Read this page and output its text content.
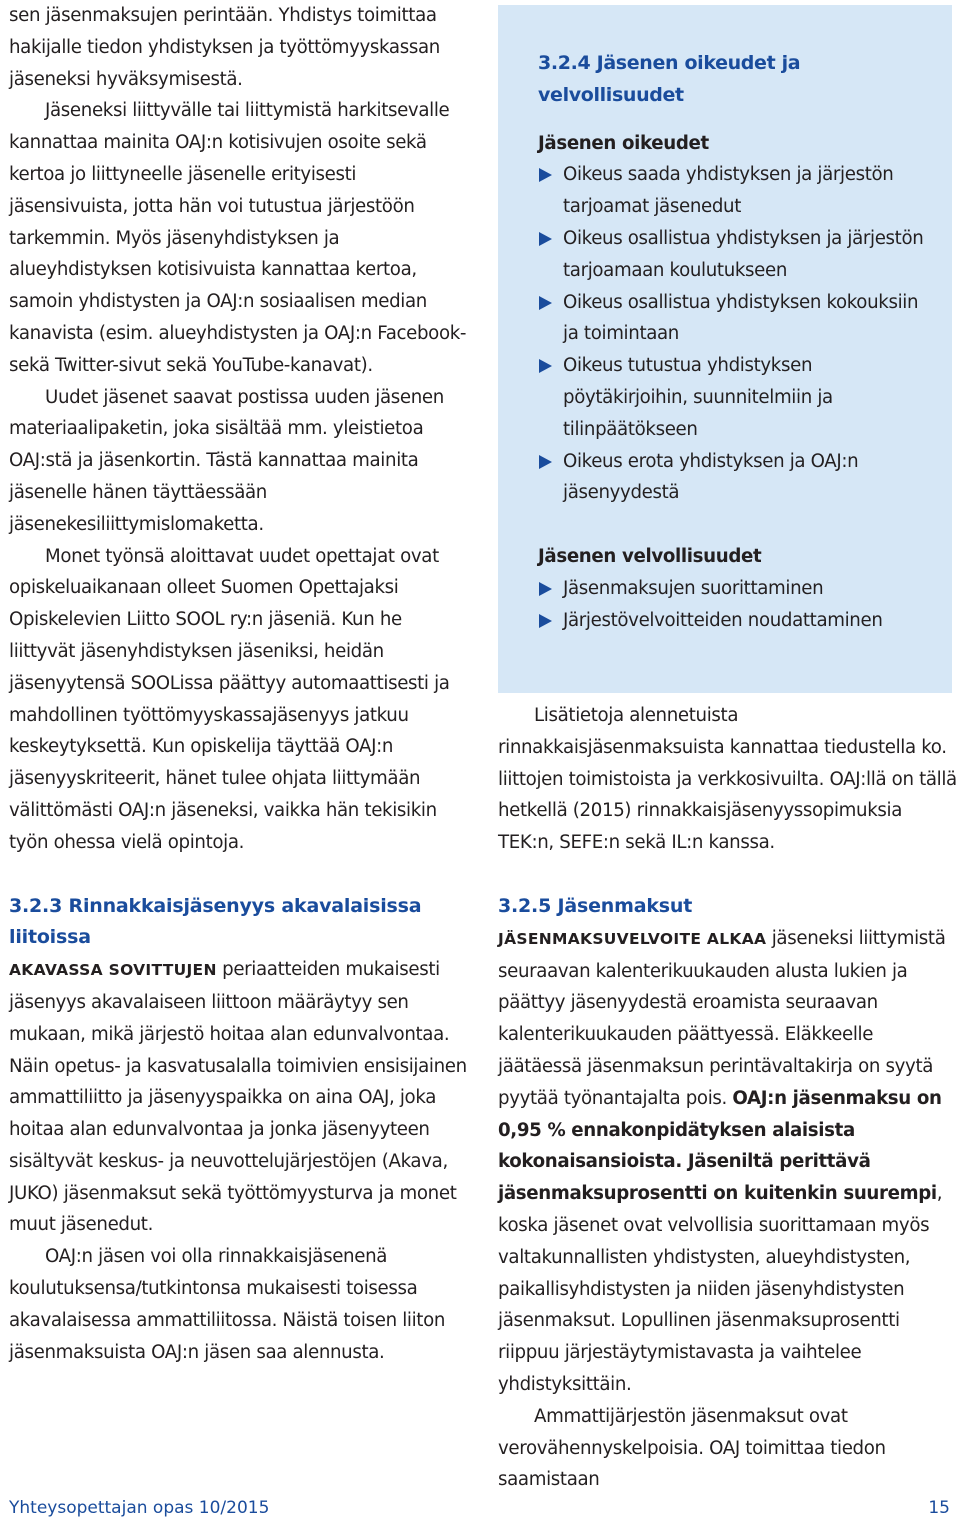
sen jäsenmaksujen perintään. Yhdistys toimittaa hakijalle tiedon yhdistyksen ja työttömyyskassan jäseneksi hyväksymisestä.

Jäseneksi liittyvälle tai liittymistä harkitsevalle kannattaa mainita OAJ:n kotisivujen osoite sekä kertoa jo liittyneelle jäsenelle erityisesti jäsensivuista, jotta hän voi tutustua järjestöön tarkemmin. Myös jäsenyhdistyksen ja alueyhdistyksen kotisivuista kannattaa kertoa, samoin yhdistysten ja OAJ:n sosiaalisen median kanavista (esim. alueyhdistysten ja OAJ:n Facebook- sekä Twitter-sivut sekä YouTube-kanavat).

Uudet jäsenet saavat postissa uuden jäsenen materiaalipaketin, joka sisältää mm. yleistietoa OAJ:stä ja jäsenkortin. Tästä kannattaa mainita jäsenelle hänen täyttäessään jäsenekesiliittymislomaketta.

Monet työnsä aloittavat uudet opettajat ovat opiskeluaikanaan olleet Suomen Opettajaksi Opiskelevien Liitto SOOL ry:n jäseniä. Kun he liittyvät jäsenyhdistyksen jäseniksi, heidän jäsenyytensä SOOLissa päättyy automaattisesti ja mahdollinen työttömyyskassajäsenyys jatkuu keskeytyksettä. Kun opiskelija täyttää OAJ:n jäsenyyskriteerit, hänet tulee ohjata liittymään välittömästi OAJ:n jäseneksi, vaikka hän tekisikin työn ohessa vielä opintoja.

3.2.3 Rinnakkaisjäsenyys akavalaisissa liitoissa

AKAVASSA SOVITTUJEN periaatteiden mukaisesti jäsenyys akavalaiseen liittoon määräytyy sen mukaan, mikä järjestö hoitaa alan edunvalvontaa. Näin opetus- ja kasvatusalalla toimivien ensisijainen ammattiliitto ja jäsenyyspaikka on aina OAJ, joka hoitaa alan edunvalvontaa ja jonka jäsenyyteen sisältyvät keskus- ja neuvottelujärjestöjen (Akava, JUKO) jäsenmaksut sekä työttömyysturva ja monet muut jäsenedut.

OAJ:n jäsen voi olla rinnakkaisjäsenenä koulutuksensa/tutkintonsa mukaisesti toisessa akavalaisessa ammattiliitossa. Näistä toisen liiton jäsenmaksuista OAJ:n jäsen saa alennusta.

3.2.4 Jäsenen oikeudet ja velvollisuudet

Jäsenen oikeudet

Oikeus saada yhdistyksen ja järjestön tarjoamat jäsenedut
Oikeus osallistua yhdistyksen ja järjestön tarjoamaan koulutukseen
Oikeus osallistua yhdistyksen kokouksiin ja toimintaan
Oikeus tutustua yhdistyksen pöytäkirjoihin, suunnitelmiin ja tilinpäätökseen
Oikeus erota yhdistyksen ja OAJ:n jäsenyydestä

Jäsenen velvollisuudet

Jäsenmaksujen suorittaminen
Järjestövelvoitteiden noudattaminen

Lisätietoja alennetuista rinnakkaisjäsenmaksuista kannattaa tiedustella ko. liittojen toimistoista ja verkkosivuilta. OAJ:llä on tällä hetkellä (2015) rinnakkaisjäsenyyssopimuksia TEK:n, SEFE:n sekä IL:n kanssa.

3.2.5 Jäsenmaksut

JÄSENMAKSUVELVOITE ALKAA jäseneksi liittymistä seuraavan kalenterikuukauden alusta lukien ja päättyy jäsenyydestä eroamista seuraavan kalenterikuukauden päättyessä. Eläkkeelle jäätäessä jäsenmaksun perintävaltakirja on syytä pyytää työnantajalta pois. OAJ:n jäsenmaksu on 0,95 % ennakonpidätyksen alaisista kokonaisansioista. Jäseniltä perittävä jäsenmaksuprosentti on kuitenkin suurempi, koska jäsenet ovat velvollisia suorittamaan myös valtakunnallisten yhdistysten, alueyhdistysten, paikallisyhdistysten ja niiden jäsenyhdistysten jäsenmaksut. Lopullinen jäsenmaksuprosentti riippuu järjestäytymistavasta ja vaihtelee yhdistyksittäin.

Ammattijärjestön jäsenmaksut ovat verovähennyskelpoisia. OAJ toimittaa tiedon saamistaan

Yhteysopettajan opas 10/2015	15
